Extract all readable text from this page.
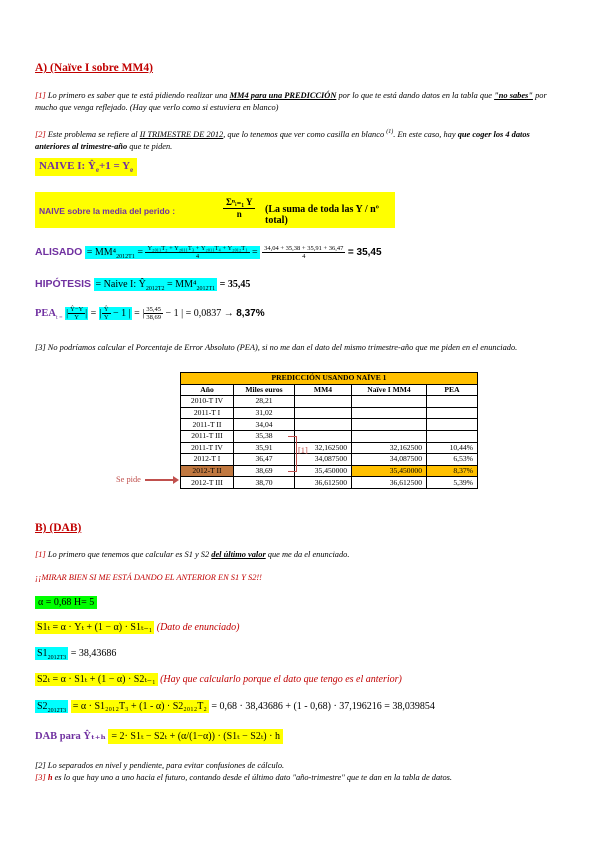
A) (Naïve I sobre MM4)
[1] Lo primero es saber que te está pidiendo realizar una MM4 para una PREDICCIÓN por lo que te está dando datos en la tabla que "no sabes" por mucho que venga reflejado. (Hay que verlo como si estuviera en blanco)
[2] Este problema se refiere al II TRIMESTRE DE 2012, que lo tenemos que ver como casilla en blanco $^{(1)}$. En este caso, hay que coger los 4 datos anteriores al trimestre-año que te piden.
NAIVE I: $Ŷ_e+1 = Y_e$
NAIVE sobre la media del perido :
Σⁿᵢ₌₁ Y
n	(La suma de toda las Y / nº total)
ALISADO = $MM^4_{2012T1} = \frac{\text{Y₂₀₁₁T₂ + Y₂₀₁₁T₃ + Y₂₀₁₁T₄ + Y₂₀₁₂T₁}}{4} = \frac{34,04 + 35,38 + 35,91 + 36,47}{4} = 35,45$
HIPÓTESIS = Naive I: $Ŷ_{2012T2} = MM^4_{2012T1} = 35,45$
$PEA_{t =}$ | $\frac{Ŷ-Y}{Y}$ | = | $\frac{Ŷ}{Y} - 1$ | = | $\frac{35,45}{38,69} - 1$ | = 0,0837 → 8,37%
[3] No podríamos calcular el Porcentaje de Error Absoluto (PEA), si no me dan el dato del mismo trimestre-año que me piden en el enunciado.
PREDICCIÓN USANDO NAÏVE 1				
Año	Miles euros	MM4	Naïve I MM4	PEA
2010-T IV	28,21			
2011-T I	31,02			
2011-T II	34,04			
2011-T III	35,38			
2011-T IV	35,91	32,162500	32,162500	10,44%
2012-T I	36,47	34,087500	34,087500	6,53%
2012-T II	38,69	35,450000	35,450000	8,37%
2012-T III	38,70	36,612500	36,612500	5,39%
[1]
Se pide
B) (DAB)
[1] Lo primero que tenemos que calcular es S1 y S2 del último valor que me da el enunciado.
¡¡MIRAR BIEN SI ME ESTÁ DANDO EL ANTERIOR EN S1 Y S2!!
α = 0,68 H= 5
S1ₜ = α · Yₜ + (1 − α) · S1ₜ₋₁ (Dato de enunciado)
$S1_{2012T3} = 38,43686$
S2ₜ = α · S1ₜ + (1 − α) · S2ₜ₋₁ (Hay que calcularlo porque el dato que tengo es el anterior)
$S2_{2012T3} = \alpha \cdot S1_{2012}T_3 + (1 - \alpha) \cdot S2_{2012}T_2 = 0,68 \cdot 38,43686 + (1 - 0,68) \cdot 37,196216 = 38,039854$
DAB para Ŷₜ₊ₕ = 2· S1ₜ − S2ₜ + (α/(1−α)) · (S1ₜ − S2ₜ) · h
[2] Lo separados en nivel y pendiente, para evitar confusiones de cálculo.
[3] h es lo que hay uno a uno hacia el futuro, contando desde el último dato "año-trimestre" que te dan en la tabla de datos.
